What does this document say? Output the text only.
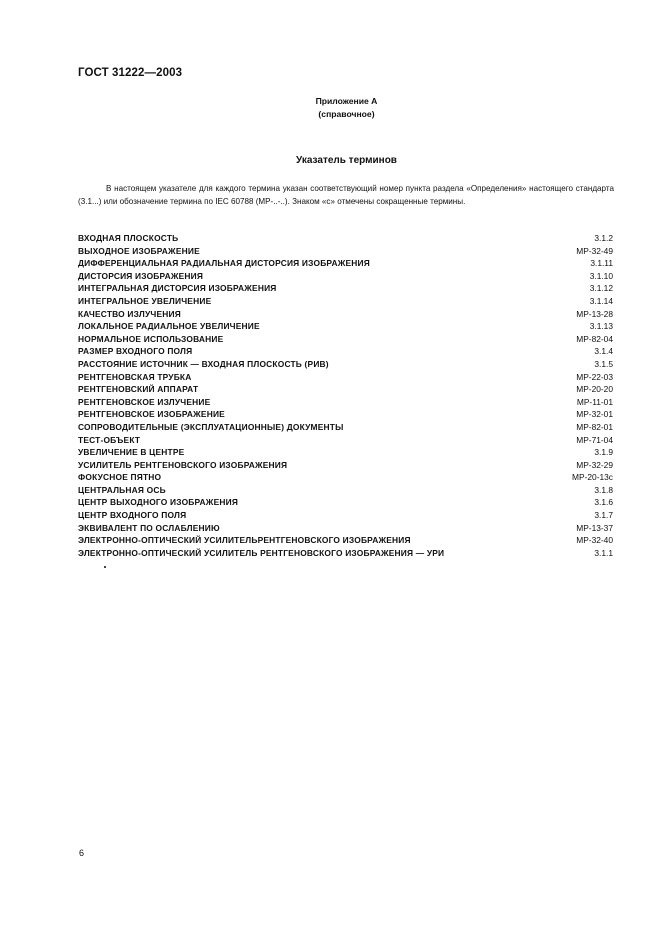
ГОСТ 31222—2003
Приложение А
(справочное)
Указатель терминов
В настоящем указателе для каждого термина указан соответствующий номер пункта раздела «Определения» настоящего стандарта (3.1...) или обозначение термина по IEC 60788 (МР-..-..). Знаком «с» отмечены сокращенные термины.
ВХОДНАЯ ПЛОСКОСТЬ	3.1.2
ВЫХОДНОЕ ИЗОБРАЖЕНИЕ	МР-32-49
ДИФФЕРЕНЦИАЛЬНАЯ РАДИАЛЬНАЯ ДИСТОРСИЯ ИЗОБРАЖЕНИЯ	3.1.11
ДИСТОРСИЯ ИЗОБРАЖЕНИЯ	3.1.10
ИНТЕГРАЛЬНАЯ ДИСТОРСИЯ ИЗОБРАЖЕНИЯ	3.1.12
ИНТЕГРАЛЬНОЕ УВЕЛИЧЕНИЕ	3.1.14
КАЧЕСТВО ИЗЛУЧЕНИЯ	МР-13-28
ЛОКАЛЬНОЕ РАДИАЛЬНОЕ УВЕЛИЧЕНИЕ	3.1.13
НОРМАЛЬНОЕ ИСПОЛЬЗОВАНИЕ	МР-82-04
РАЗМЕР ВХОДНОГО ПОЛЯ	3.1.4
РАССТОЯНИЕ ИСТОЧНИК — ВХОДНАЯ ПЛОСКОСТЬ (РИВ)	3.1.5
РЕНТГЕНОВСКАЯ ТРУБКА	МР-22-03
РЕНТГЕНОВСКИЙ АППАРАТ	МР-20-20
РЕНТГЕНОВСКОЕ ИЗЛУЧЕНИЕ	МР-11-01
РЕНТГЕНОВСКОЕ ИЗОБРАЖЕНИЕ	МР-32-01
СОПРОВОДИТЕЛЬНЫЕ (ЭКСПЛУАТАЦИОННЫЕ) ДОКУМЕНТЫ	МР-82-01
ТЕСТ-ОБЪЕКТ	МР-71-04
УВЕЛИЧЕНИЕ В ЦЕНТРЕ	3.1.9
УСИЛИТЕЛЬ РЕНТГЕНОВСКОГО ИЗОБРАЖЕНИЯ	МР-32-29
ФОКУСНОЕ ПЯТНО	МР-20-13с
ЦЕНТРАЛЬНАЯ ОСЬ	3.1.8
ЦЕНТР ВЫХОДНОГО ИЗОБРАЖЕНИЯ	3.1.6
ЦЕНТР ВХОДНОГО ПОЛЯ	3.1.7
ЭКВИВАЛЕНТ ПО ОСЛАБЛЕНИЮ	МР-13-37
ЭЛЕКТРОННО-ОПТИЧЕСКИЙ УСИЛИТЕЛЬРЕНТГЕНОВСКОГО ИЗОБРАЖЕНИЯ	МР-32-40
ЭЛЕКТРОННО-ОПТИЧЕСКИЙ УСИЛИТЕЛЬ РЕНТГЕНОВСКОГО ИЗОБРАЖЕНИЯ — УРИ	3.1.1
6
